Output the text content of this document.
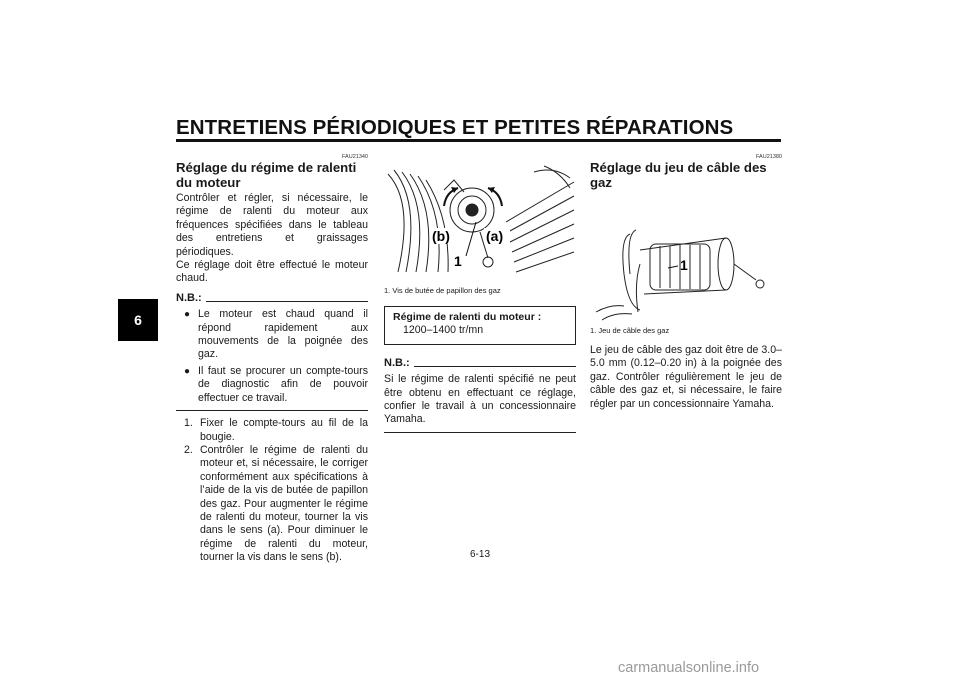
ENTRETIENS PÉRIODIQUES ET PETITES RÉPARATIONS
6
FAU21340
Réglage du régime de ralenti du moteur

Contrôler et régler, si nécessaire, le régime de ralenti du moteur aux fréquences spécifiées dans le tableau des entretiens et graissages périodiques.

Ce réglage doit être effectué le moteur chaud.

N.B.:
● Le moteur est chaud quand il répond rapidement aux mouvements de la poignée des gaz.
● Il faut se procurer un compte-tours de diagnostic afin de pouvoir effectuer ce travail.
1. Fixer le compte-tours au fil de la bougie.
2. Contrôler le régime de ralenti du moteur et, si nécessaire, le corriger conformément aux spécifications à l’aide de la vis de butée de papillon des gaz. Pour augmenter le régime de ralenti du moteur, tourner la vis dans le sens (a). Pour diminuer le régime de ralenti du moteur, tourner la vis dans le sens (b).
(b)	(a)
1
1. Vis de butée de papillon des gaz
Régime de ralenti du moteur :
1200–1400 tr/mn
N.B.:

Si le régime de ralenti spécifié ne peut être obtenu en effectuant ce réglage, confier le travail à un concessionnaire Yamaha.

FAU21380
Réglage du jeu de câble des gaz
1
1. Jeu de câble des gaz

Le jeu de câble des gaz doit être de 3.0–5.0 mm (0.12–0.20 in) à la poignée des gaz. Contrôler régulièrement le jeu de câble des gaz et, si nécessaire, le faire régler par un concessionnaire Yamaha.

6-13
carmanualsonline.info
